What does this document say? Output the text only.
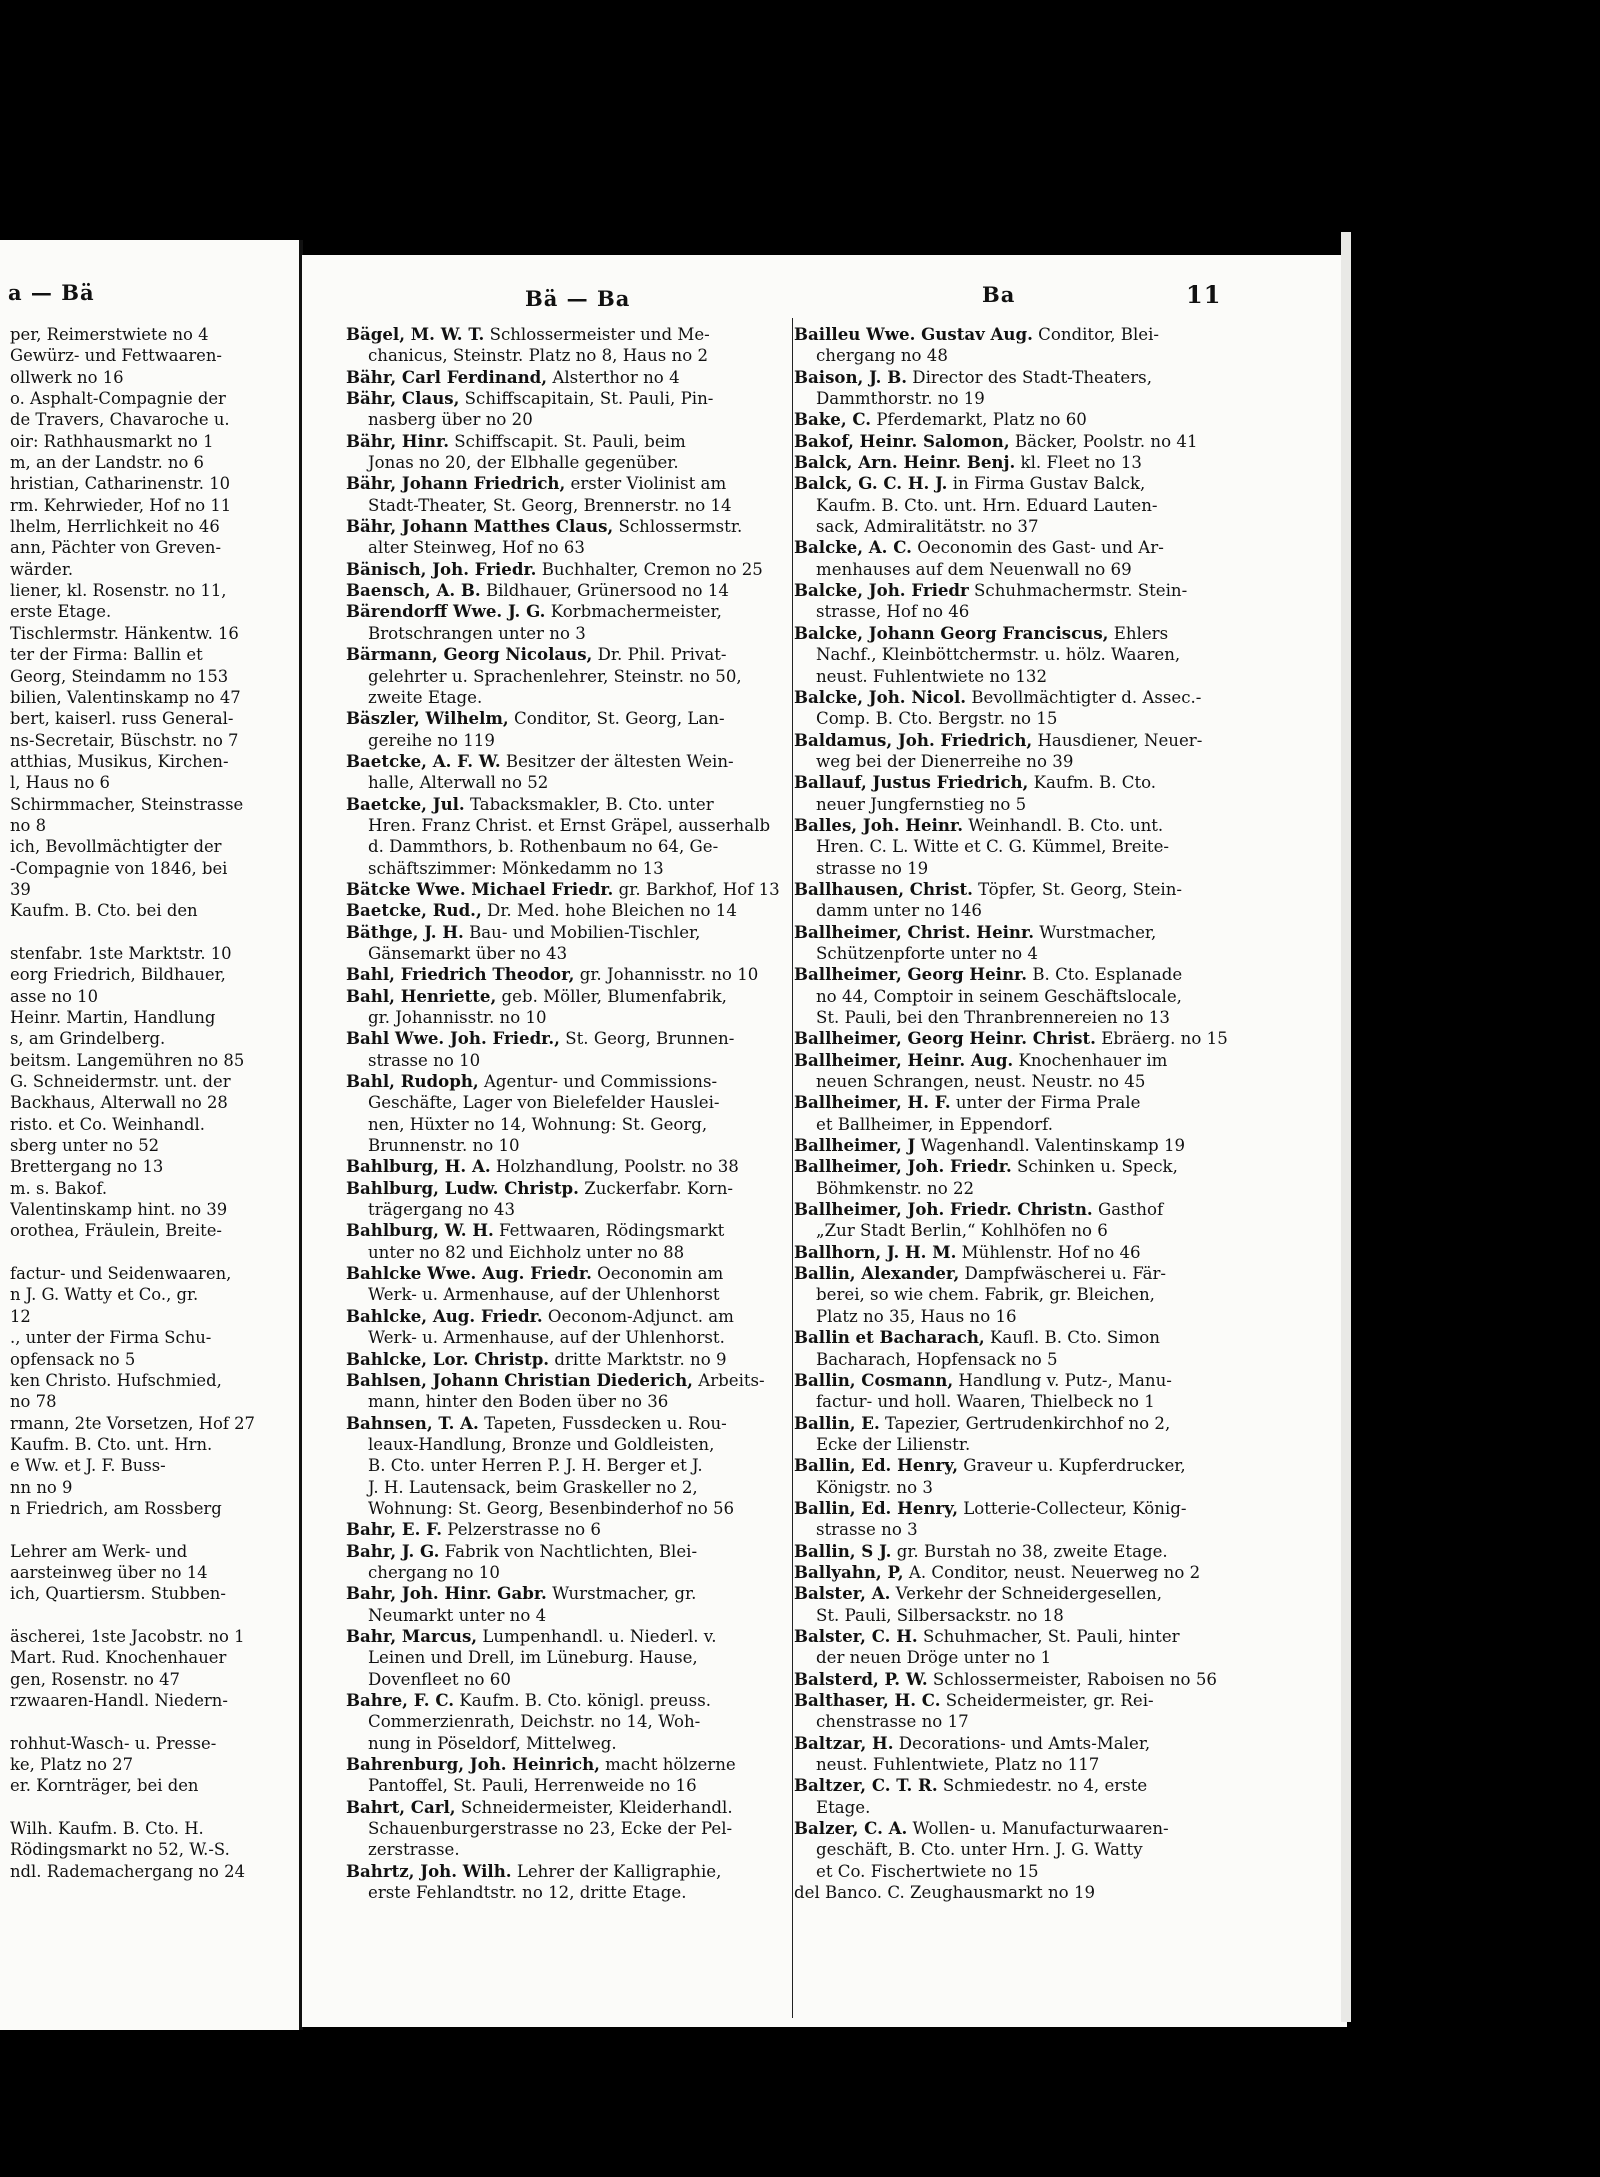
a — Bä
per, Reimerstwiete no 4
Gewürz- und Fettwaaren-
ollwerk no 16
o. Asphalt-Compagnie der
de Travers, Chavaroche u.
oir: Rathhausmarkt no 1
m, an der Landstr. no 6
hristian, Catharinenstr. 10
rm. Kehrwieder, Hof no 11
lhelm, Herrlichkeit no 46
ann, Pächter von Greven-
wärder.
liener, kl. Rosenstr. no 11,
erste Etage.
Tischlermstr. Hänkentw. 16
ter der Firma: Ballin et
Georg, Steindamm no 153
bilien, Valentinskamp no 47
bert, kaiserl. russ General-
ns-Secretair, Büschstr. no 7
atthias, Musikus, Kirchen-
l, Haus no 6
Schirmmacher, Steinstrasse
no 8
ich, Bevollmächtigter der
-Compagnie von 1846, bei
39
Kaufm. B. Cto. bei den
stenfabr. 1ste Marktstr. 10
eorg Friedrich, Bildhauer,
asse no 10
Heinr. Martin, Handlung
s, am Grindelberg.
beitsm. Langemühren no 85
G. Schneidermstr. unt. der
Backhaus, Alterwall no 28
risto. et Co. Weinhandl.
sberg unter no 52
Brettergang no 13
m. s. Bakof.
Valentinskamp hint. no 39
orothea, Fräulein, Breite-
factur- und Seidenwaaren,
n J. G. Watty et Co., gr.
12
., unter der Firma Schu-
opfensack no 5
ken Christo. Hufschmied,
no 78
rmann, 2te Vorsetzen, Hof 27
Kaufm. B. Cto. unt. Hrn.
e Ww. et J. F. Buss-
nn no 9
n Friedrich, am Rossberg
Lehrer am Werk- und
aarsteinweg über no 14
ich, Quartiersm. Stubben-
äscherei, 1ste Jacobstr. no 1
Mart. Rud. Knochenhauer
gen, Rosenstr. no 47
rzwaaren-Handl. Niedern-
rohhut-Wasch- u. Presse-
ke, Platz no 27
er. Kornträger, bei den
Wilh. Kaufm. B. Cto. H.
Rödingsmarkt no 52, W.-S.
ndl. Rademachergang no 24
Bä — Ba	Ba	11
Bägel, M. W. T. Schlossermeister und Me-
chanicus, Steinstr. Platz no 8, Haus no 2
Bähr, Carl Ferdinand, Alsterthor no 4
Bähr, Claus, Schiffscapitain, St. Pauli, Pin-
nasberg über no 20
Bähr, Hinr. Schiffscapit. St. Pauli, beim
Jonas no 20, der Elbhalle gegenüber.
Bähr, Johann Friedrich, erster Violinist am
Stadt-Theater, St. Georg, Brennerstr. no 14
Bähr, Johann Matthes Claus, Schlossermstr.
alter Steinweg, Hof no 63
Bänisch, Joh. Friedr. Buchhalter, Cremon no 25
Baensch, A. B. Bildhauer, Grünersood no 14
Bärendorff Wwe. J. G. Korbmachermeister,
Brotschrangen unter no 3
Bärmann, Georg Nicolaus, Dr. Phil. Privat-
gelehrter u. Sprachenlehrer, Steinstr. no 50,
zweite Etage.
Bäszler, Wilhelm, Conditor, St. Georg, Lan-
gereihe no 119
Baetcke, A. F. W. Besitzer der ältesten Wein-
halle, Alterwall no 52
Baetcke, Jul. Tabacksmakler, B. Cto. unter
Hren. Franz Christ. et Ernst Gräpel, ausserhalb
d. Dammthors, b. Rothenbaum no 64, Ge-
schäftszimmer: Mönkedamm no 13
Bätcke Wwe. Michael Friedr. gr. Barkhof, Hof 13
Baetcke, Rud., Dr. Med. hohe Bleichen no 14
Bäthge, J. H. Bau- und Mobilien-Tischler,
Gänsemarkt über no 43
Bahl, Friedrich Theodor, gr. Johannisstr. no 10
Bahl, Henriette, geb. Möller, Blumenfabrik,
gr. Johannisstr. no 10
Bahl Wwe. Joh. Friedr., St. Georg, Brunnen-
strasse no 10
Bahl, Rudoph, Agentur- und Commissions-
Geschäfte, Lager von Bielefelder Hauslei-
nen, Hüxter no 14, Wohnung: St. Georg,
Brunnenstr. no 10
Bahlburg, H. A. Holzhandlung, Poolstr. no 38
Bahlburg, Ludw. Christp. Zuckerfabr. Korn-
trägergang no 43
Bahlburg, W. H. Fettwaaren, Rödingsmarkt
unter no 82 und Eichholz unter no 88
Bahlcke Wwe. Aug. Friedr. Oeconomin am
Werk- u. Armenhause, auf der Uhlenhorst
Bahlcke, Aug. Friedr. Oeconom-Adjunct. am
Werk- u. Armenhause, auf der Uhlenhorst.
Bahlcke, Lor. Christp. dritte Marktstr. no 9
Bahlsen, Johann Christian Diederich, Arbeits-
mann, hinter den Boden über no 36
Bahnsen, T. A. Tapeten, Fussdecken u. Rou-
leaux-Handlung, Bronze und Goldleisten,
B. Cto. unter Herren P. J. H. Berger et J.
J. H. Lautensack, beim Graskeller no 2,
Wohnung: St. Georg, Besenbinderhof no 56
Bahr, E. F. Pelzerstrasse no 6
Bahr, J. G. Fabrik von Nachtlichten, Blei-
chergang no 10
Bahr, Joh. Hinr. Gabr. Wurstmacher, gr.
Neumarkt unter no 4
Bahr, Marcus, Lumpenhandl. u. Niederl. v.
Leinen und Drell, im Lüneburg. Hause,
Dovenfleet no 60
Bahre, F. C. Kaufm. B. Cto. königl. preuss.
Commerzienrath, Deichstr. no 14, Woh-
nung in Pöseldorf, Mittelweg.
Bahrenburg, Joh. Heinrich, macht hölzerne
Pantoffel, St. Pauli, Herrenweide no 16
Bahrt, Carl, Schneidermeister, Kleiderhandl.
Schauenburgerstrasse no 23, Ecke der Pel-
zerstrasse.
Bahrtz, Joh. Wilh. Lehrer der Kalligraphie,
erste Fehlandtstr. no 12, dritte Etage.
Bailleu Wwe. Gustav Aug. Conditor, Blei-
chergang no 48
Baison, J. B. Director des Stadt-Theaters,
Dammthorstr. no 19
Bake, C. Pferdemarkt, Platz no 60
Bakof, Heinr. Salomon, Bäcker, Poolstr. no 41
Balck, Arn. Heinr. Benj. kl. Fleet no 13
Balck, G. C. H. J. in Firma Gustav Balck,
Kaufm. B. Cto. unt. Hrn. Eduard Lauten-
sack, Admiralitätstr. no 37
Balcke, A. C. Oeconomin des Gast- und Ar-
menhauses auf dem Neuenwall no 69
Balcke, Joh. Friedr Schuhmachermstr. Stein-
strasse, Hof no 46
Balcke, Johann Georg Franciscus, Ehlers
Nachf., Kleinböttchermstr. u. hölz. Waaren,
neust. Fuhlentwiete no 132
Balcke, Joh. Nicol. Bevollmächtigter d. Assec.-
Comp. B. Cto. Bergstr. no 15
Baldamus, Joh. Friedrich, Hausdiener, Neuer-
weg bei der Dienerreihe no 39
Ballauf, Justus Friedrich, Kaufm. B. Cto.
neuer Jungfernstieg no 5
Balles, Joh. Heinr. Weinhandl. B. Cto. unt.
Hren. C. L. Witte et C. G. Kümmel, Breite-
strasse no 19
Ballhausen, Christ. Töpfer, St. Georg, Stein-
damm unter no 146
Ballheimer, Christ. Heinr. Wurstmacher,
Schützenpforte unter no 4
Ballheimer, Georg Heinr. B. Cto. Esplanade
no 44, Comptoir in seinem Geschäftslocale,
St. Pauli, bei den Thranbrennereien no 13
Ballheimer, Georg Heinr. Christ. Ebräerg. no 15
Ballheimer, Heinr. Aug. Knochenhauer im
neuen Schrangen, neust. Neustr. no 45
Ballheimer, H. F. unter der Firma Prale
et Ballheimer, in Eppendorf.
Ballheimer, J Wagenhandl. Valentinskamp 19
Ballheimer, Joh. Friedr. Schinken u. Speck,
Böhmkenstr. no 22
Ballheimer, Joh. Friedr. Christn. Gasthof
„Zur Stadt Berlin,“ Kohlhöfen no 6
Ballhorn, J. H. M. Mühlenstr. Hof no 46
Ballin, Alexander, Dampfwäscherei u. Fär-
berei, so wie chem. Fabrik, gr. Bleichen,
Platz no 35, Haus no 16
Ballin et Bacharach, Kaufl. B. Cto. Simon
Bacharach, Hopfensack no 5
Ballin, Cosmann, Handlung v. Putz-, Manu-
factur- und holl. Waaren, Thielbeck no 1
Ballin, E. Tapezier, Gertrudenkirchhof no 2,
Ecke der Lilienstr.
Ballin, Ed. Henry, Graveur u. Kupferdrucker,
Königstr. no 3
Ballin, Ed. Henry, Lotterie-Collecteur, König-
strasse no 3
Ballin, S J. gr. Burstah no 38, zweite Etage.
Ballyahn, P, A. Conditor, neust. Neuerweg no 2
Balster, A. Verkehr der Schneidergesellen,
St. Pauli, Silbersackstr. no 18
Balster, C. H. Schuhmacher, St. Pauli, hinter
der neuen Dröge unter no 1
Balsterd, P. W. Schlossermeister, Raboisen no 56
Balthaser, H. C. Scheidermeister, gr. Rei-
chenstrasse no 17
Baltzar, H. Decorations- und Amts-Maler,
neust. Fuhlentwiete, Platz no 117
Baltzer, C. T. R. Schmiedestr. no 4, erste
Etage.
Balzer, C. A. Wollen- u. Manufacturwaaren-
geschäft, B. Cto. unter Hrn. J. G. Watty
et Co. Fischertwiete no 15
del Banco. C. Zeughausmarkt no 19
